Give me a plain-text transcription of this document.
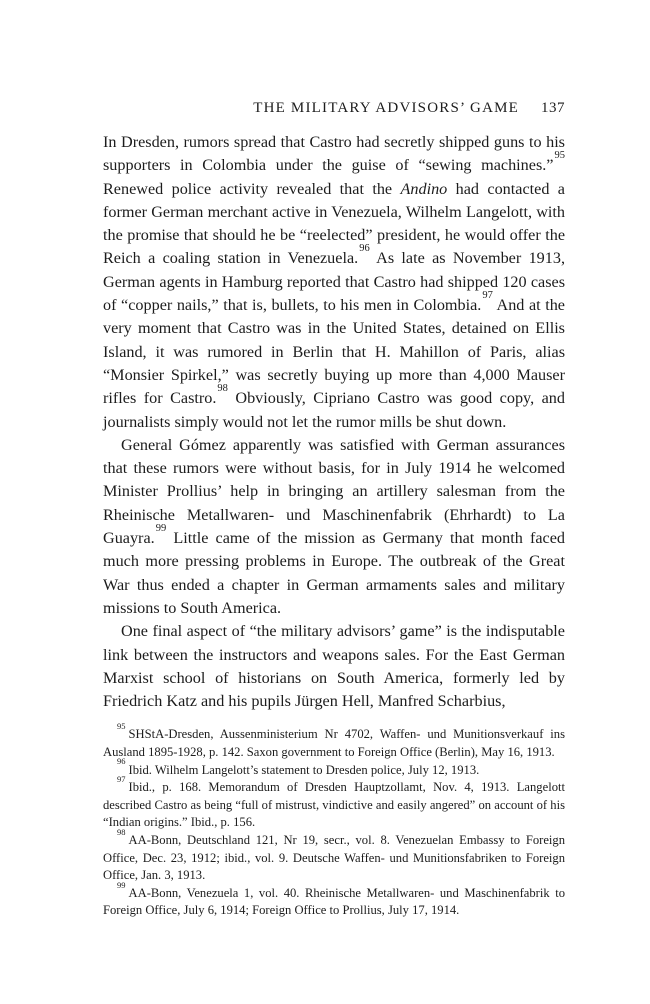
THE MILITARY ADVISORS’ GAME 137

In Dresden, rumors spread that Castro had secretly shipped guns to his supporters in Colombia under the guise of “sewing machines.”$^{95}$ Renewed police activity revealed that the Andino had contacted a former German merchant active in Venezuela, Wilhelm Langelott, with the promise that should he be “reelected” president, he would offer the Reich a coaling station in Venezuela.$^{96}$ As late as November 1913, German agents in Hamburg reported that Castro had shipped 120 cases of “copper nails,” that is, bullets, to his men in Colombia.$^{97}$ And at the very moment that Castro was in the United States, detained on Ellis Island, it was rumored in Berlin that H. Mahillon of Paris, alias “Monsier Spirkel,” was secretly buying up more than 4,000 Mauser rifles for Castro.$^{98}$ Obviously, Cipriano Castro was good copy, and journalists simply would not let the rumor mills be shut down.

General Gómez apparently was satisfied with German assurances that these rumors were without basis, for in July 1914 he welcomed Minister Prollius’ help in bringing an artillery salesman from the Rheinische Metallwaren- und Maschinenfabrik (Ehrhardt) to La Guayra.$^{99}$ Little came of the mission as Germany that month faced much more pressing problems in Europe. The outbreak of the Great War thus ended a chapter in German armaments sales and military missions to South America.

One final aspect of “the military advisors’ game” is the indisputable link between the instructors and weapons sales. For the East German Marxist school of historians on South America, formerly led by Friedrich Katz and his pupils Jürgen Hell, Manfred Scharbius,

$^{95}$SHStA-Dresden, Aussenministerium Nr 4702, Waffen- und Munitionsverkauf ins Ausland 1895-1928, p. 142. Saxon government to Foreign Office (Berlin), May 16, 1913.

$^{96}$Ibid. Wilhelm Langelott’s statement to Dresden police, July 12, 1913.

$^{97}$Ibid., p. 168. Memorandum of Dresden Hauptzollamt, Nov. 4, 1913. Langelott described Castro as being “full of mistrust, vindictive and easily angered” on account of his “Indian origins.” Ibid., p. 156.

$^{98}$AA-Bonn, Deutschland 121, Nr 19, secr., vol. 8. Venezuelan Embassy to Foreign Office, Dec. 23, 1912; ibid., vol. 9. Deutsche Waffen- und Munitionsfabriken to Foreign Office, Jan. 3, 1913.

$^{99}$AA-Bonn, Venezuela 1, vol. 40. Rheinische Metallwaren- und Maschinenfabrik to Foreign Office, July 6, 1914; Foreign Office to Prollius, July 17, 1914.
